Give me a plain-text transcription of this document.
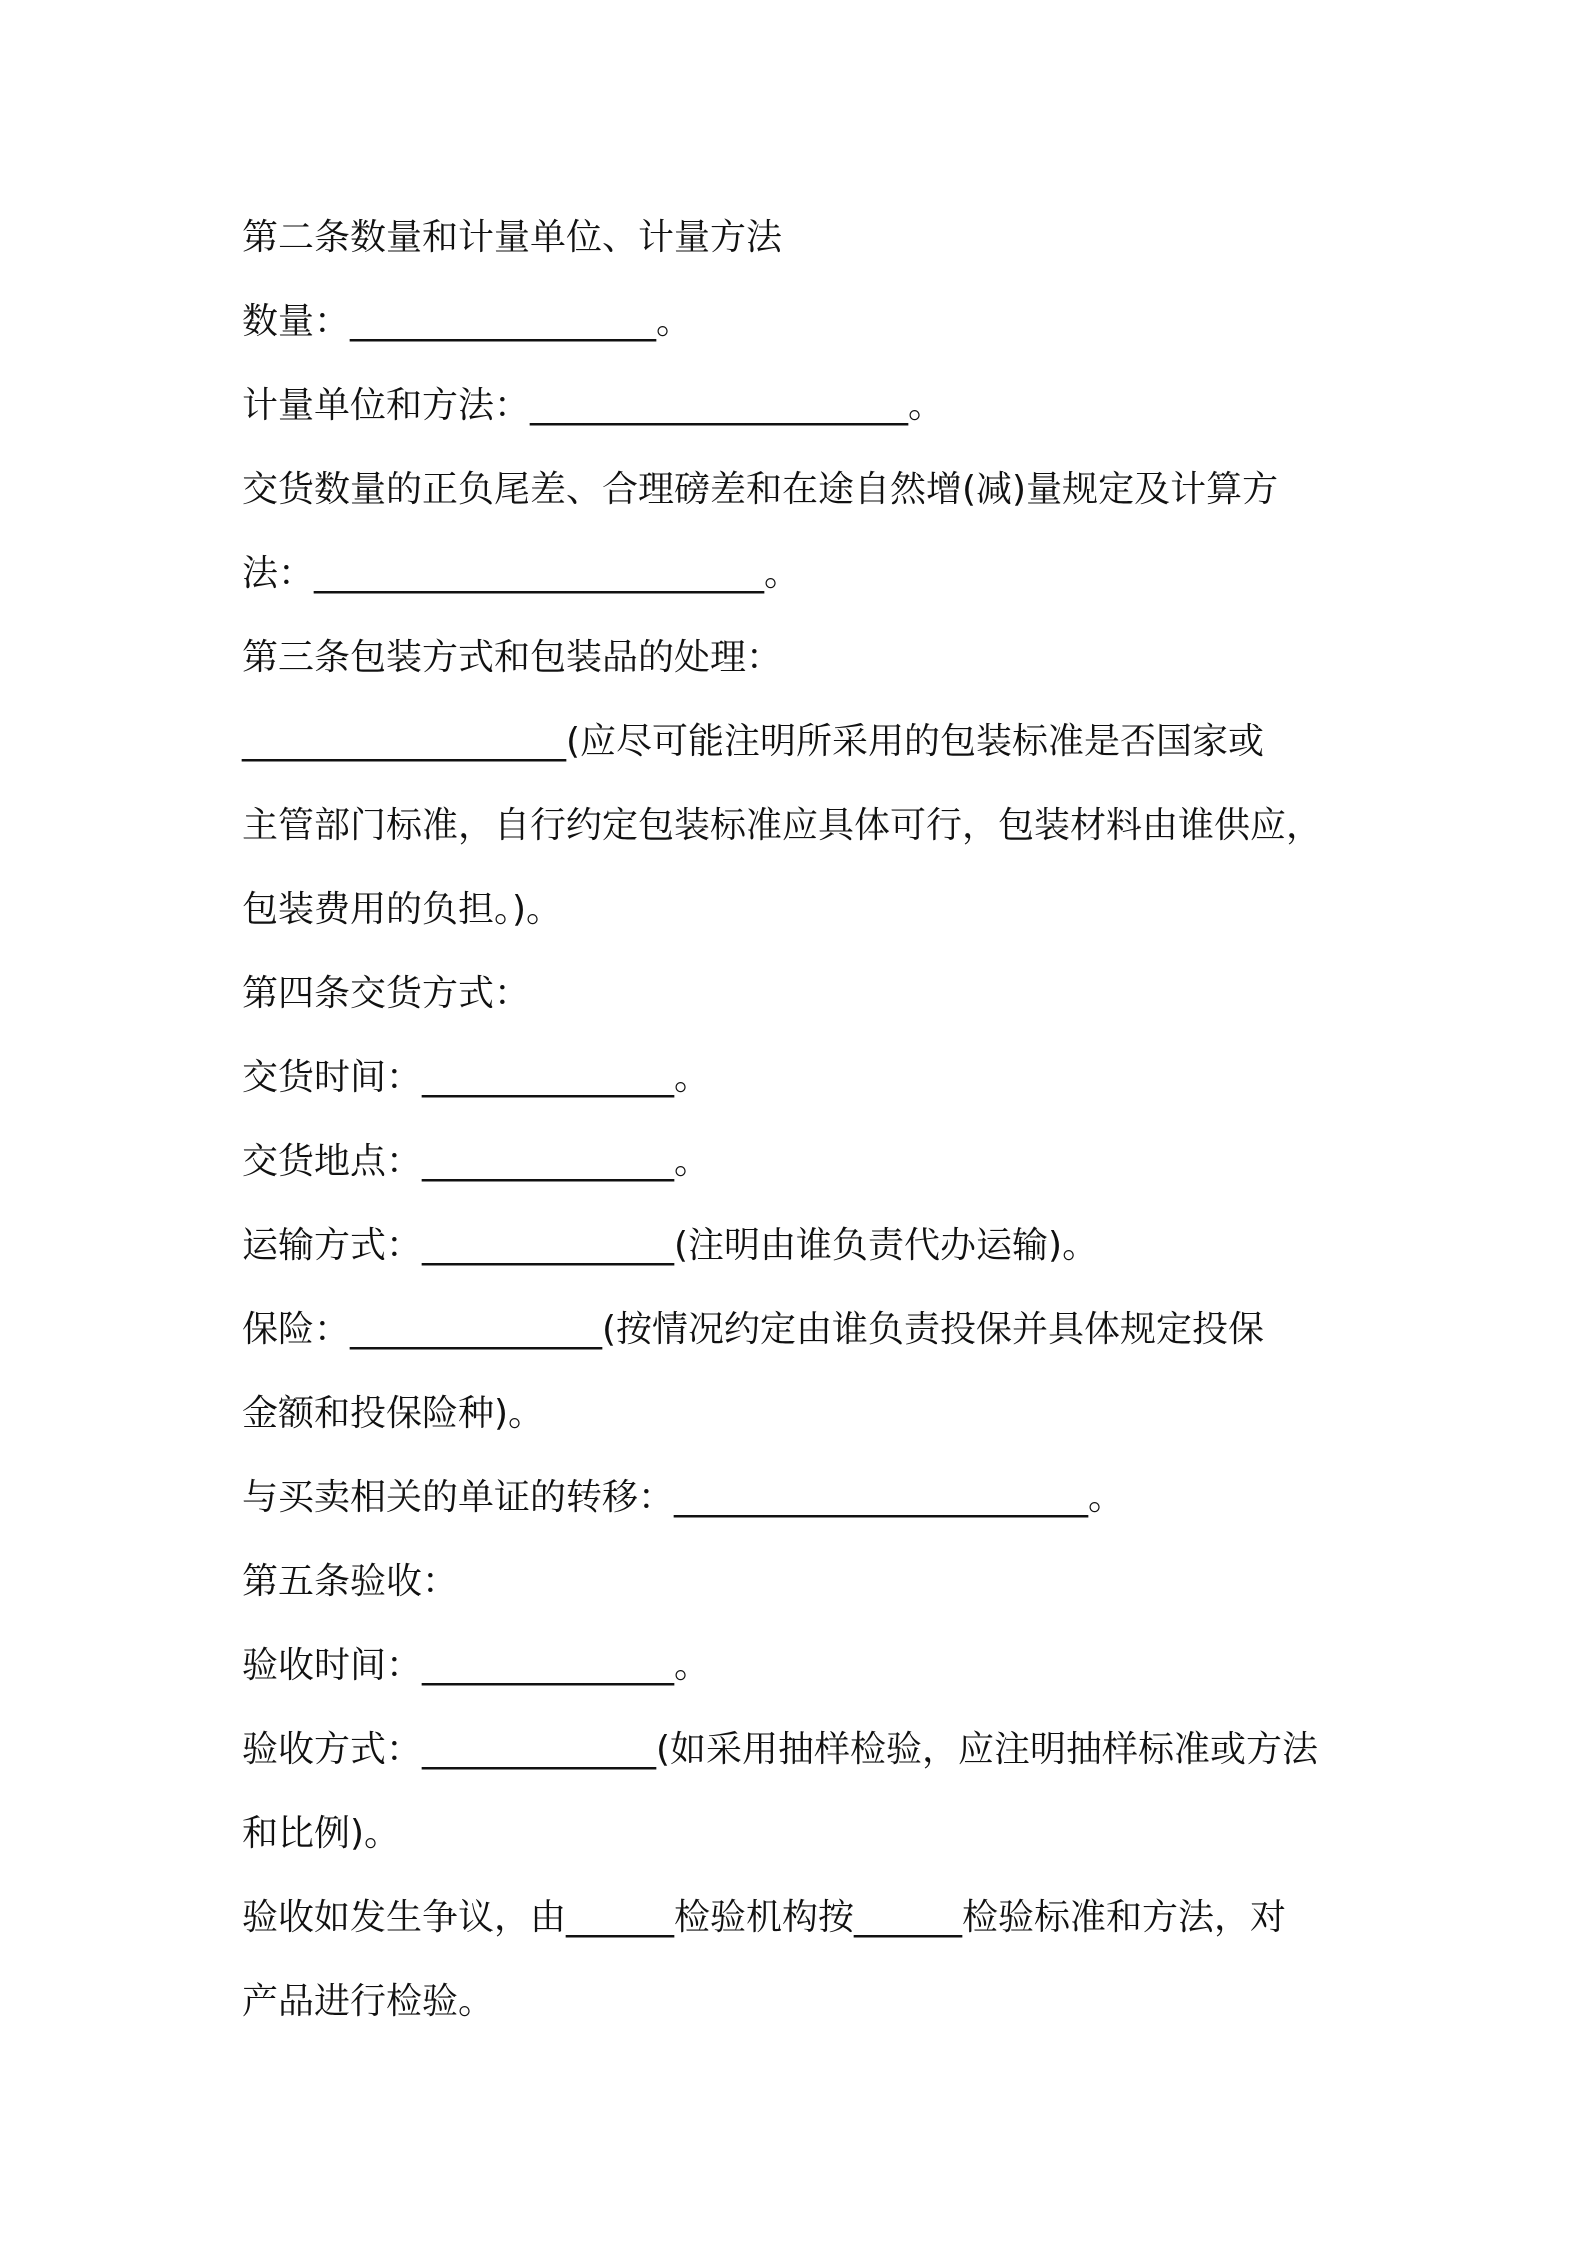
第二条数量和计量单位、计量方法
数量：_________________。
计量单位和方法：_____________________。
交货数量的正负尾差、合理磅差和在途自然增(减)量规定及计算方
法：_________________________。
第三条包装方式和包装品的处理：
__________________(应尽可能注明所采用的包装标准是否国家或
主管部门标准，自行约定包装标准应具体可行，包装材料由谁供应，
包装费用的负担。)。
第四条交货方式：
交货时间：______________。
交货地点：______________。
运输方式：______________(注明由谁负责代办运输)。
保险：______________(按情况约定由谁负责投保并具体规定投保
金额和投保险种)。
与买卖相关的单证的转移：_______________________。
第五条验收：
验收时间：______________。
验收方式：_____________(如采用抽样检验，应注明抽样标准或方法
和比例)。
验收如发生争议，由______检验机构按______检验标准和方法，对
产品进行检验。
